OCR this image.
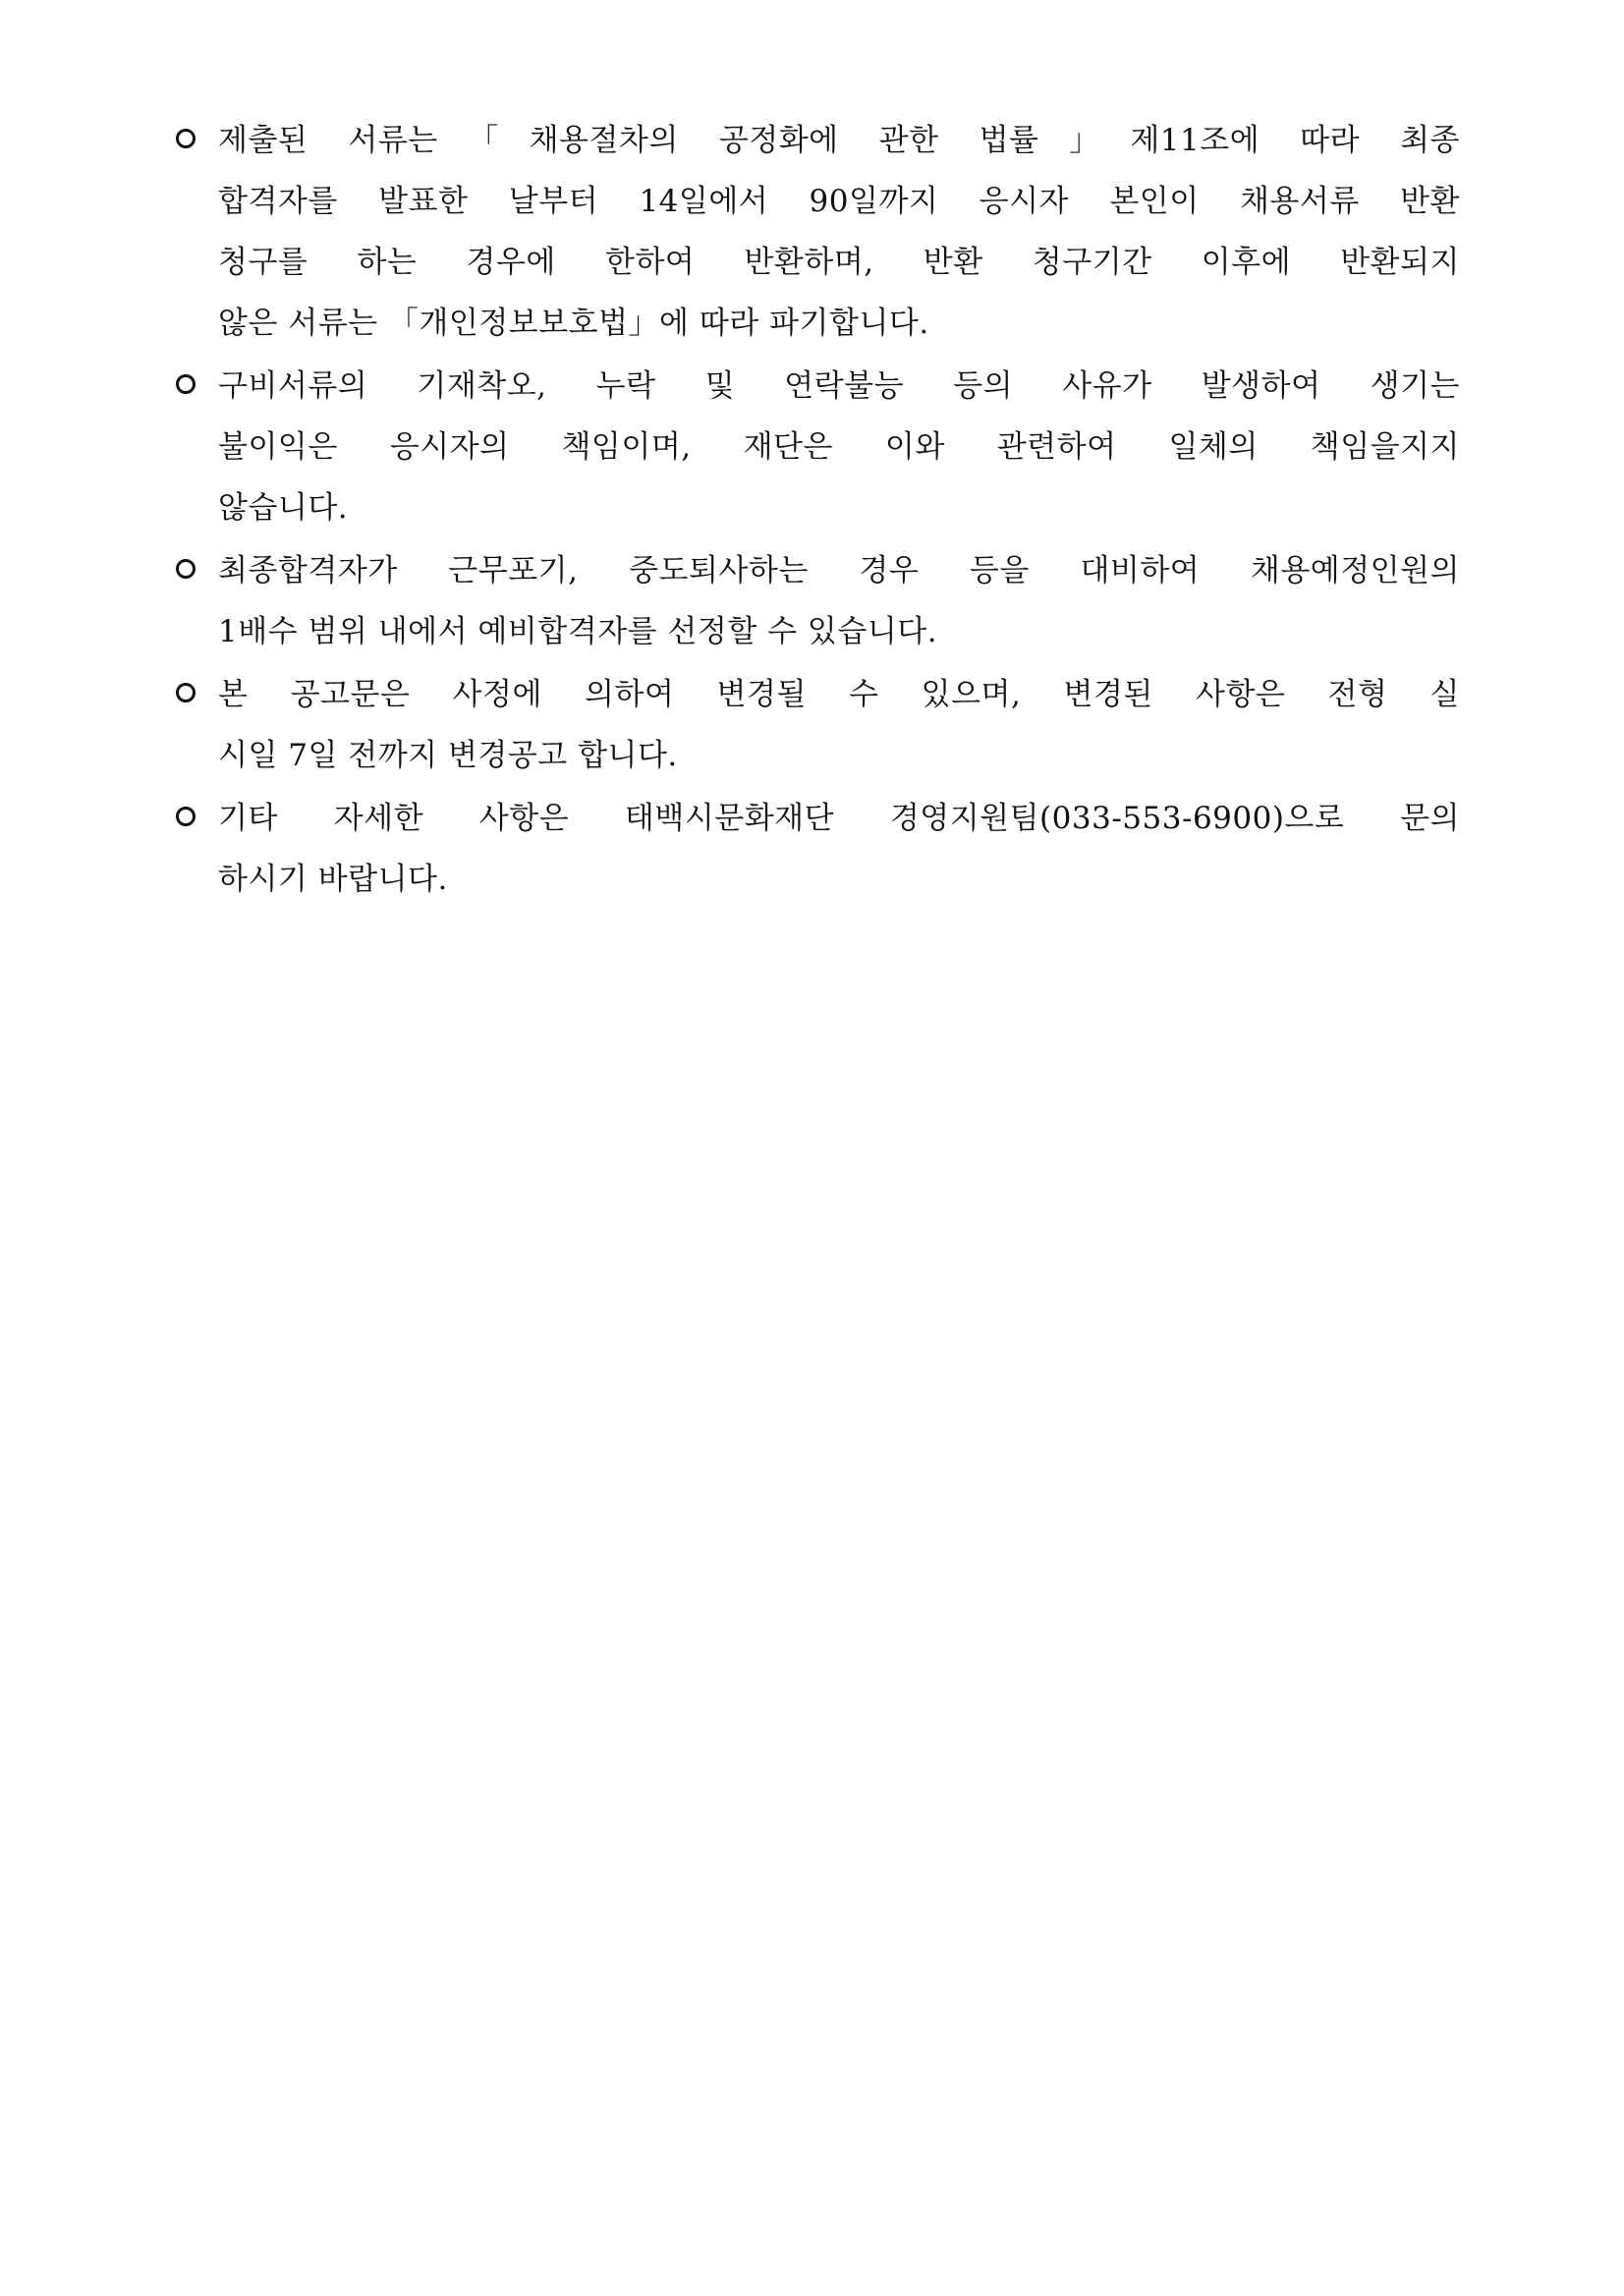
제출된 서류는「채용절차의 공정화에 관한 법률」제11조에 따라 최종
합격자를 발표한 날부터 14일에서 90일까지 응시자 본인이 채용서류 반환
청구를 하는 경우에 한하여 반환하며, 반환 청구기간 이후에 반환되지
않은 서류는 「개인정보보호법」에 따라 파기합니다.
구비서류의 기재착오, 누락 및 연락불능 등의 사유가 발생하여 생기는
불이익은 응시자의 책임이며, 재단은 이와 관련하여 일체의 책임을지지
않습니다.
최종합격자가 근무포기, 중도퇴사하는 경우 등을 대비하여 채용예정인원의
1배수 범위 내에서 예비합격자를 선정할 수 있습니다.
본 공고문은 사정에 의하여 변경될 수 있으며, 변경된 사항은 전형 실
시일 7일 전까지 변경공고 합니다.
기타 자세한 사항은 태백시문화재단 경영지원팀(033-553-6900)으로 문의
하시기 바랍니다.
